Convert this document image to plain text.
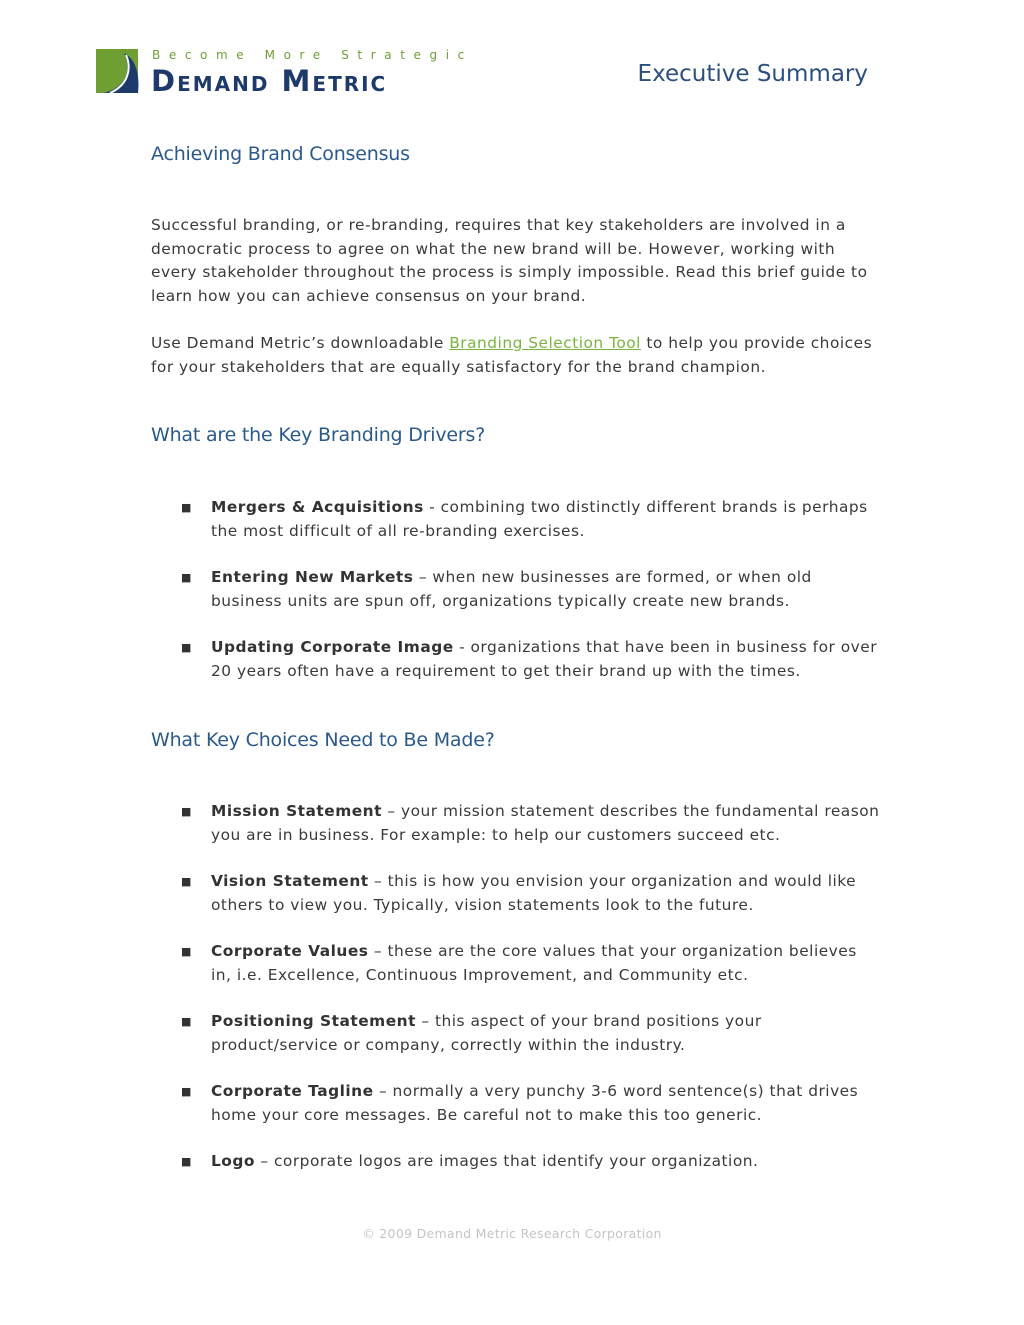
Become More Strategic
Demand Metric	Executive Summary
Achieving Brand Consensus

Successful branding, or re-branding, requires that key stakeholders are involved in a democratic process to agree on what the new brand will be. However, working with every stakeholder throughout the process is simply impossible. Read this brief guide to learn how you can achieve consensus on your brand.

Use Demand Metric’s downloadable Branding Selection Tool to help you provide choices for your stakeholders that are equally satisfactory for the brand champion.

What are the Key Branding Drivers?
■ Mergers & Acquisitions - combining two distinctly different brands is perhaps the most difficult of all re-branding exercises.
■ Entering New Markets – when new businesses are formed, or when old business units are spun off, organizations typically create new brands.
■ Updating Corporate Image - organizations that have been in business for over 20 years often have a requirement to get their brand up with the times.
What Key Choices Need to Be Made?
■ Mission Statement – your mission statement describes the fundamental reason you are in business. For example: to help our customers succeed etc.
■ Vision Statement – this is how you envision your organization and would like others to view you. Typically, vision statements look to the future.
■ Corporate Values – these are the core values that your organization believes in, i.e. Excellence, Continuous Improvement, and Community etc.
■ Positioning Statement – this aspect of your brand positions your product/service or company, correctly within the industry.
■ Corporate Tagline – normally a very punchy 3-6 word sentence(s) that drives home your core messages. Be careful not to make this too generic.
■ Logo – corporate logos are images that identify your organization.
© 2009 Demand Metric Research Corporation
